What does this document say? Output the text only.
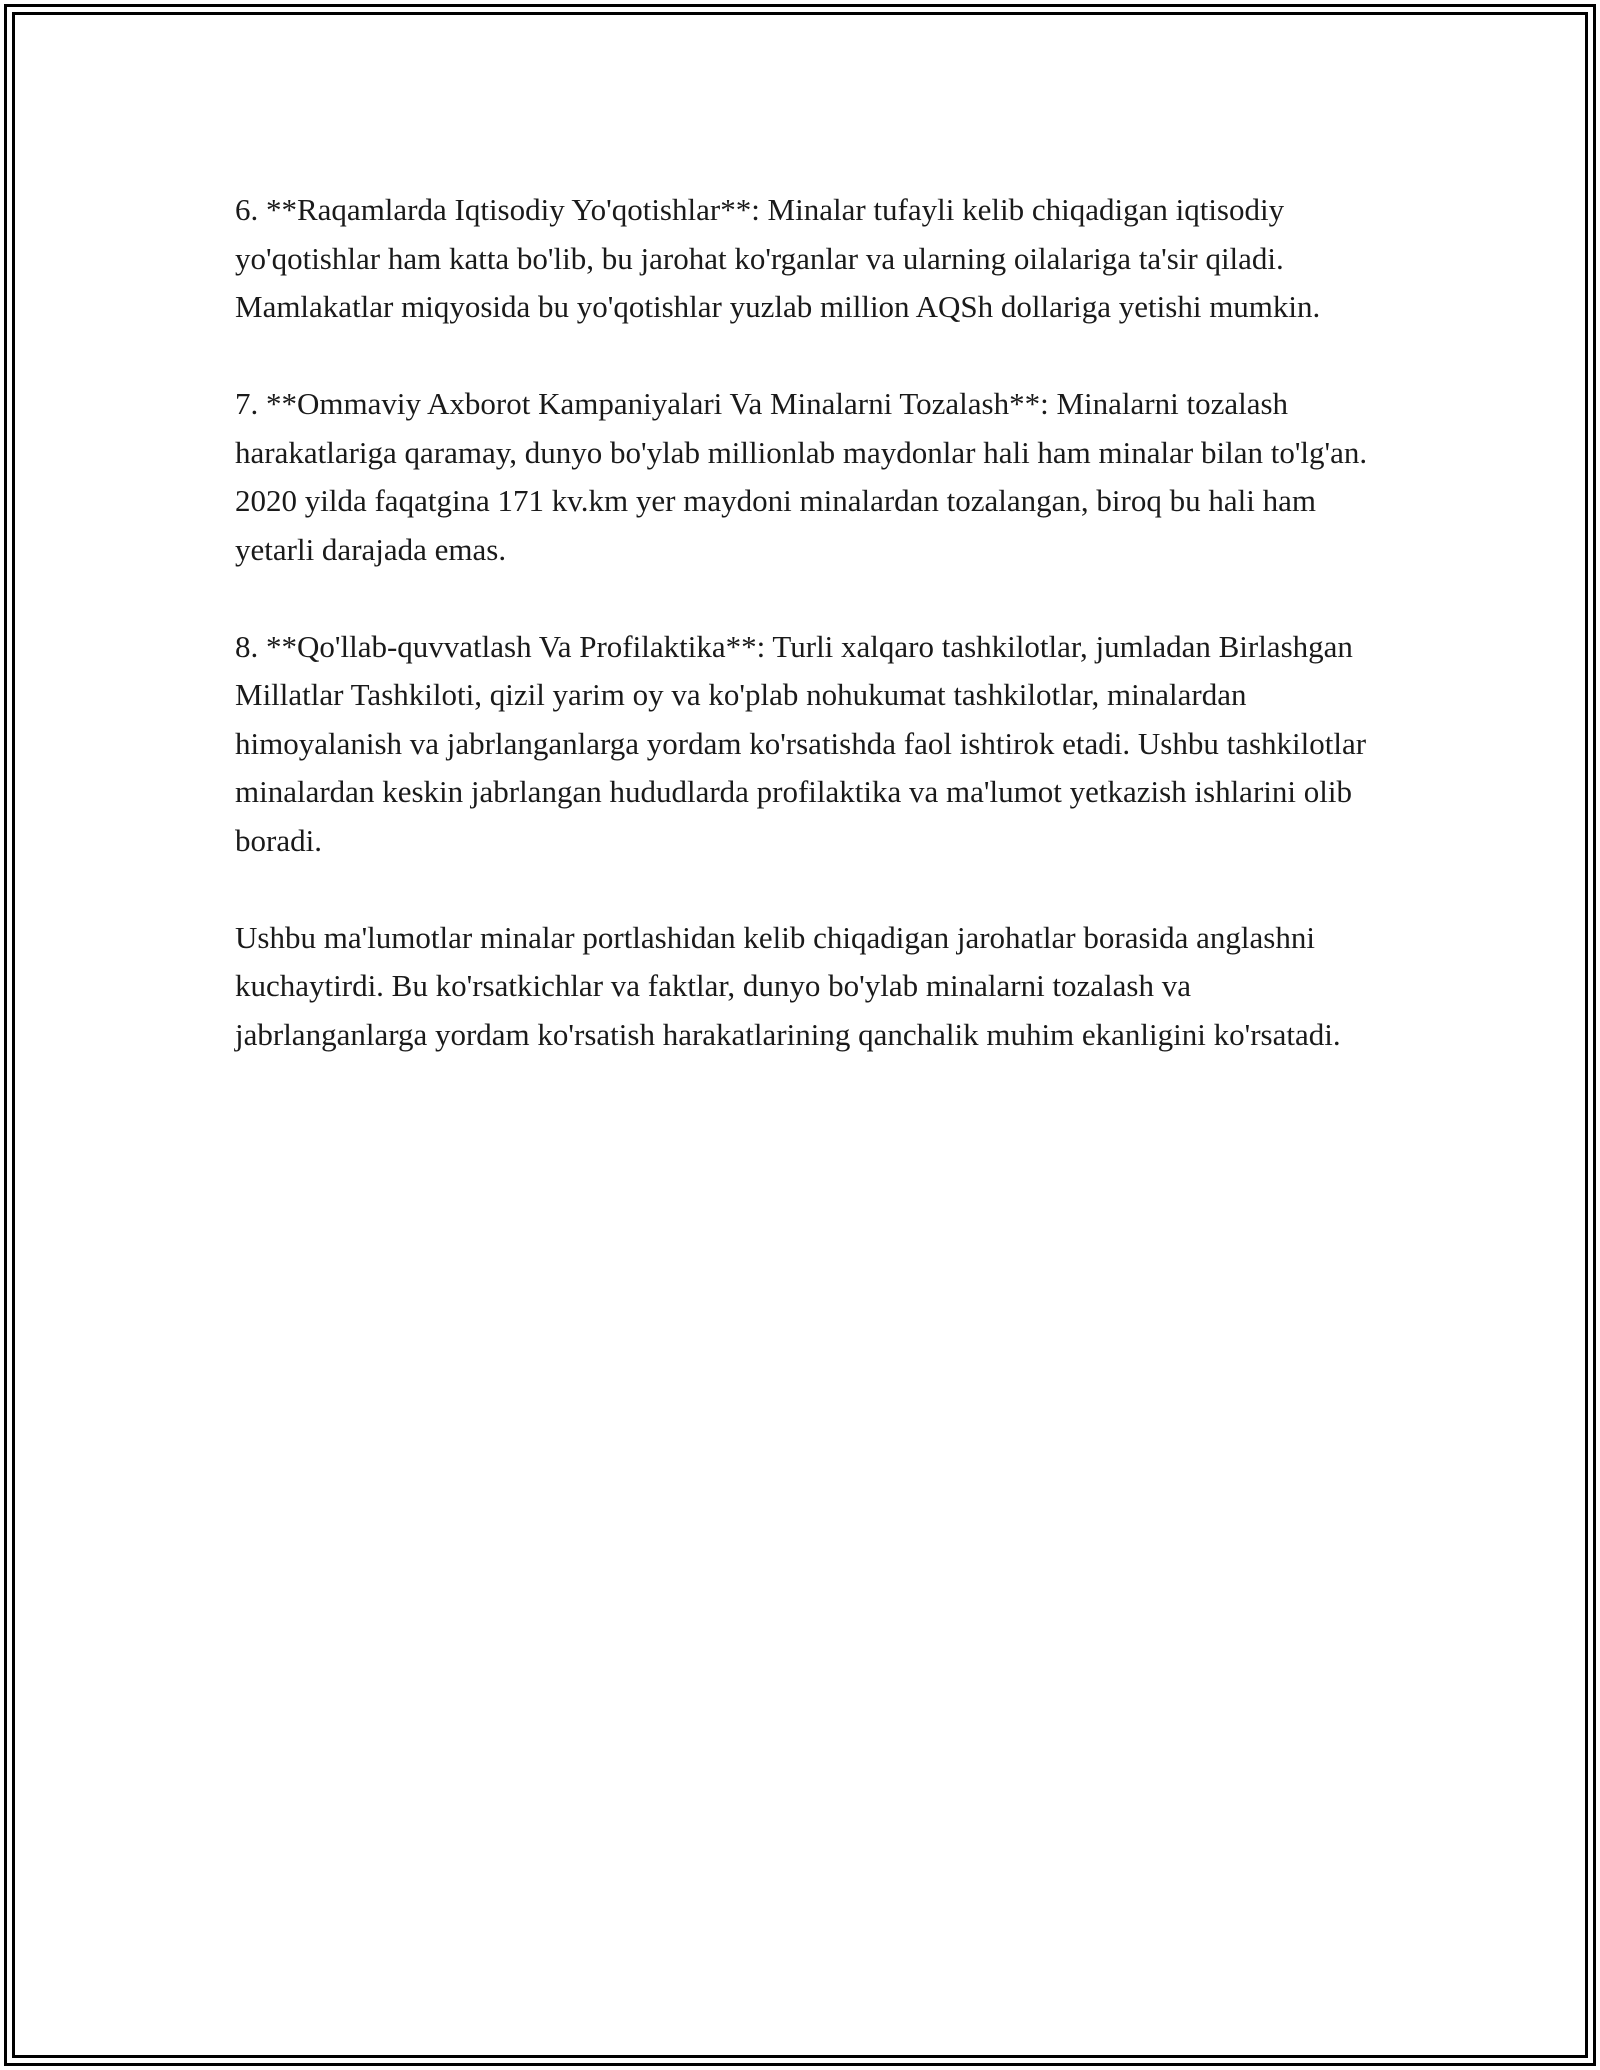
6. **Raqamlarda Iqtisodiy Yo'qotishlar**: Minalar tufayli kelib chiqadigan iqtisodiy yo'qotishlar ham katta bo'lib, bu jarohat ko'rganlar va ularning oilalariga ta'sir qiladi. Mamlakatlar miqyosida bu yo'qotishlar yuzlab million AQSh dollariga yetishi mumkin.

7. **Ommaviy Axborot Kampaniyalari Va Minalarni Tozalash**: Minalarni tozalash harakatlariga qaramay, dunyo bo'ylab millionlab maydonlar hali ham minalar bilan to'lg'an. 2020 yilda faqatgina 171 kv.km yer maydoni minalardan tozalangan, biroq bu hali ham yetarli darajada emas.

8. **Qo'llab-quvvatlash Va Profilaktika**: Turli xalqaro tashkilotlar, jumladan Birlashgan Millatlar Tashkiloti, qizil yarim oy va ko'plab nohukumat tashkilotlar, minalardan himoyalanish va jabrlanganlarga yordam ko'rsatishda faol ishtirok etadi. Ushbu tashkilotlar minalardan keskin jabrlangan hududlarda profilaktika va ma'lumot yetkazish ishlarini olib boradi.

Ushbu ma'lumotlar minalar portlashidan kelib chiqadigan jarohatlar borasida anglashni kuchaytirdi. Bu ko'rsatkichlar va faktlar, dunyo bo'ylab minalarni tozalash va jabrlanganlarga yordam ko'rsatish harakatlarining qanchalik muhim ekanligini ko'rsatadi.
